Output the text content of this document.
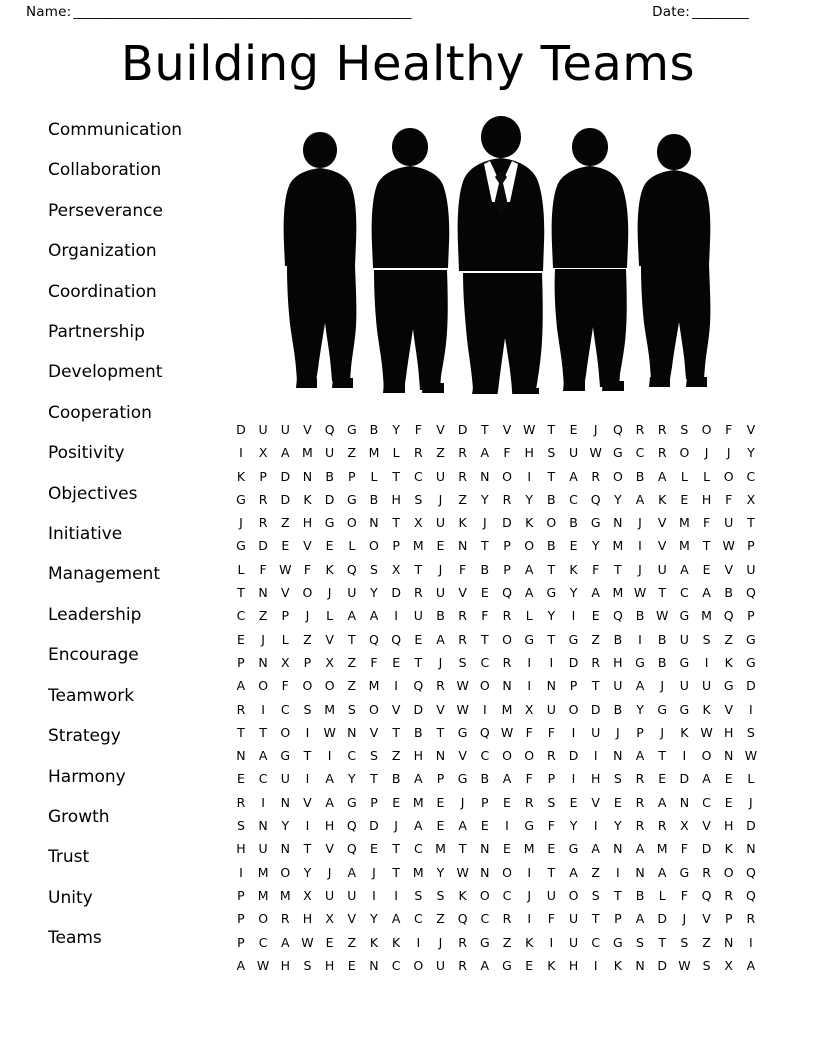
Name: ______________________________________________________	Date: _________
Building Healthy Teams
Communication
Collaboration
Perseverance
Organization
Coordination
Partnership
Development
Cooperation
Positivity
Objectives
Initiative
Management
Leadership
Encourage
Teamwork
Strategy
Harmony
Growth
Trust
Unity
Teams
D U	U	V	Q G	B	Y	F	V	D	T	V W T	E	J	Q	R	R	S	O	F	V
I	X	A M U	Z M	L	R	Z	R	A	F	H	S	U W G	C	R	O	J	J	Y
K	P	D N	B	P	L	T	C	U	R	N O	I	T	A	R	O	B	A	L	L	O	C
G	R	D	K	D G	B	H	S	J	Z	Y	R	Y	B	C	Q	Y	A	K	E	H	F	X
J	R	Z	H G O N	T	X	U	K	J	D	K	O	B	G N	J	V M	F	U	T
G D	E	V	E	L	O	P	M	E	N	T	P	O	B	E	Y	M	I	V M	T W P
L	F W F	K	Q	S	X	T	J	F	B	P	A	T	K	F	T	J	U	A	E	V	U
T	N	V	O	J	U	Y	D	R	U	V	E	Q	A	G	Y	A M W T	C	A	B	Q
C	Z	P	J	L	A	A	I	U	B	R	F	R	L	Y	I	E	Q	B W G M Q	P
E	J	L	Z	V	T	Q Q	E	A	R	T	O G	T	G	Z	B	I	B	U	S	Z	G
P	N	X	P	X	Z	F	E	T	J	S	C	R	I	I	D	R	H G	B	G	I	K	G
A	O	F	O O	Z M	I	Q	R W O N	I	N	P	T	U	A	J	U	U G D
R	I	C	S	M	S	O	V	D	V W	I	M X	U O D	B	Y	G G	K	V	I
T	T	O	I	W N	V	T	B	T	G Q W F	F	I	U	J	P	J	K W H	S
N	A	G	T	I	C	S	Z	H N	V	C	O O	R	D	I	N	A	T	I	O N W
E	C	U	I	A	Y	T	B	A	P	G	B	A	F	P	I	H	S	R	E	D	A	E	L
R	I	N	V	A	G	P	E	M	E	J	P	E	R	S	E	V	E	R	A	N	C	E	J
S	N	Y	I	H Q D	J	A	E	A	E	I	G	F	Y	I	Y	R	R	X	V	H D
H	U	N	T	V	Q	E	T	C M	T	N	E	M	E	G	A	N	A M	F	D	K	N
I	M O	Y	J	A	J	T	M	Y W N O	I	T	A	Z	I	N	A	G	R	O Q
P	M M X	U	U	I	I	S	S	K	O	C	J	U O	S	T	B	L	F	Q	R	Q
P	O	R	H	X	V	Y	A	C	Z	Q	C	R	I	F	U	T	P	A	D	J	V	P	R
P	C	A W E	Z	K	K	I	J	R	G	Z	K	I	U	C	G	S	T	S	Z	N	I
A W H	S	H	E	N	C	O U	R	A	G	E	K	H	I	K	N D W S	X	A
